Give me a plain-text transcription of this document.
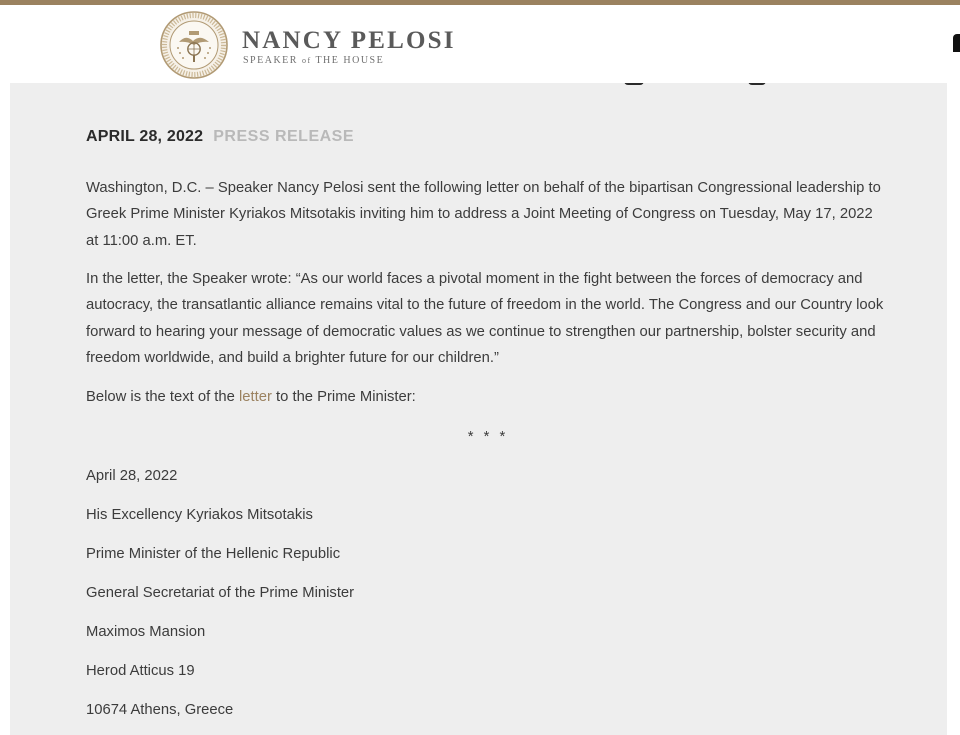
NANCY PELOSI
SPEAKER of THE HOUSE
APRIL 28, 2022 PRESS RELEASE

Washington, D.C. – Speaker Nancy Pelosi sent the following letter on behalf of the bipartisan Congressional leadership to Greek Prime Minister Kyriakos Mitsotakis inviting him to address a Joint Meeting of Congress on Tuesday, May 17, 2022 at 11:00 a.m. ET.

In the letter, the Speaker wrote: “As our world faces a pivotal moment in the fight between the forces of democracy and autocracy, the transatlantic alliance remains vital to the future of freedom in the world. The Congress and our Country look forward to hearing your message of democratic values as we continue to strengthen our partnership, bolster security and freedom worldwide, and build a brighter future for our children.”

Below is the text of the letter to the Prime Minister:

* * *
April 28, 2022
His Excellency Kyriakos Mitsotakis
Prime Minister of the Hellenic Republic
General Secretariat of the Prime Minister
Maximos Mansion
Herod Atticus 19
10674 Athens, Greece
